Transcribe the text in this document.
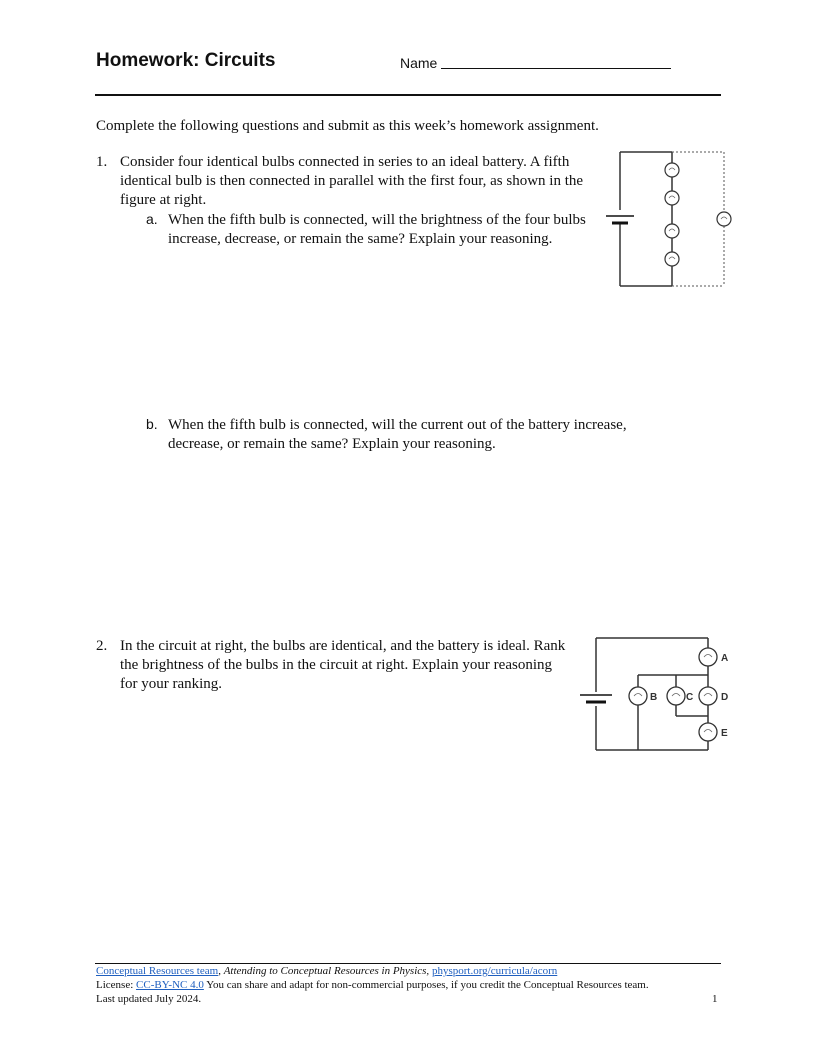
Homework: Circuits	Name
Complete the following questions and submit as this week’s homework assignment.
1. Consider four identical bulbs connected in series to an ideal battery. A fifth identical bulb is then connected in parallel with the first four, as shown in the figure at right.
a. When the fifth bulb is connected, will the brightness of the four bulbs increase, decrease, or remain the same? Explain your reasoning.
b. When the fifth bulb is connected, will the current out of the battery increase, decrease, or remain the same? Explain your reasoning.
2. In the circuit at right, the bulbs are identical, and the battery is ideal. Rank the brightness of the bulbs in the circuit at right. Explain your reasoning for your ranking.
A
B	C	D
E
Conceptual Resources team, Attending to Conceptual Resources in Physics, physport.org/curricula/acorn
License: CC-BY-NC 4.0 You can share and adapt for non-commercial purposes, if you credit the Conceptual Resources team.
Last updated July 2024.	1
